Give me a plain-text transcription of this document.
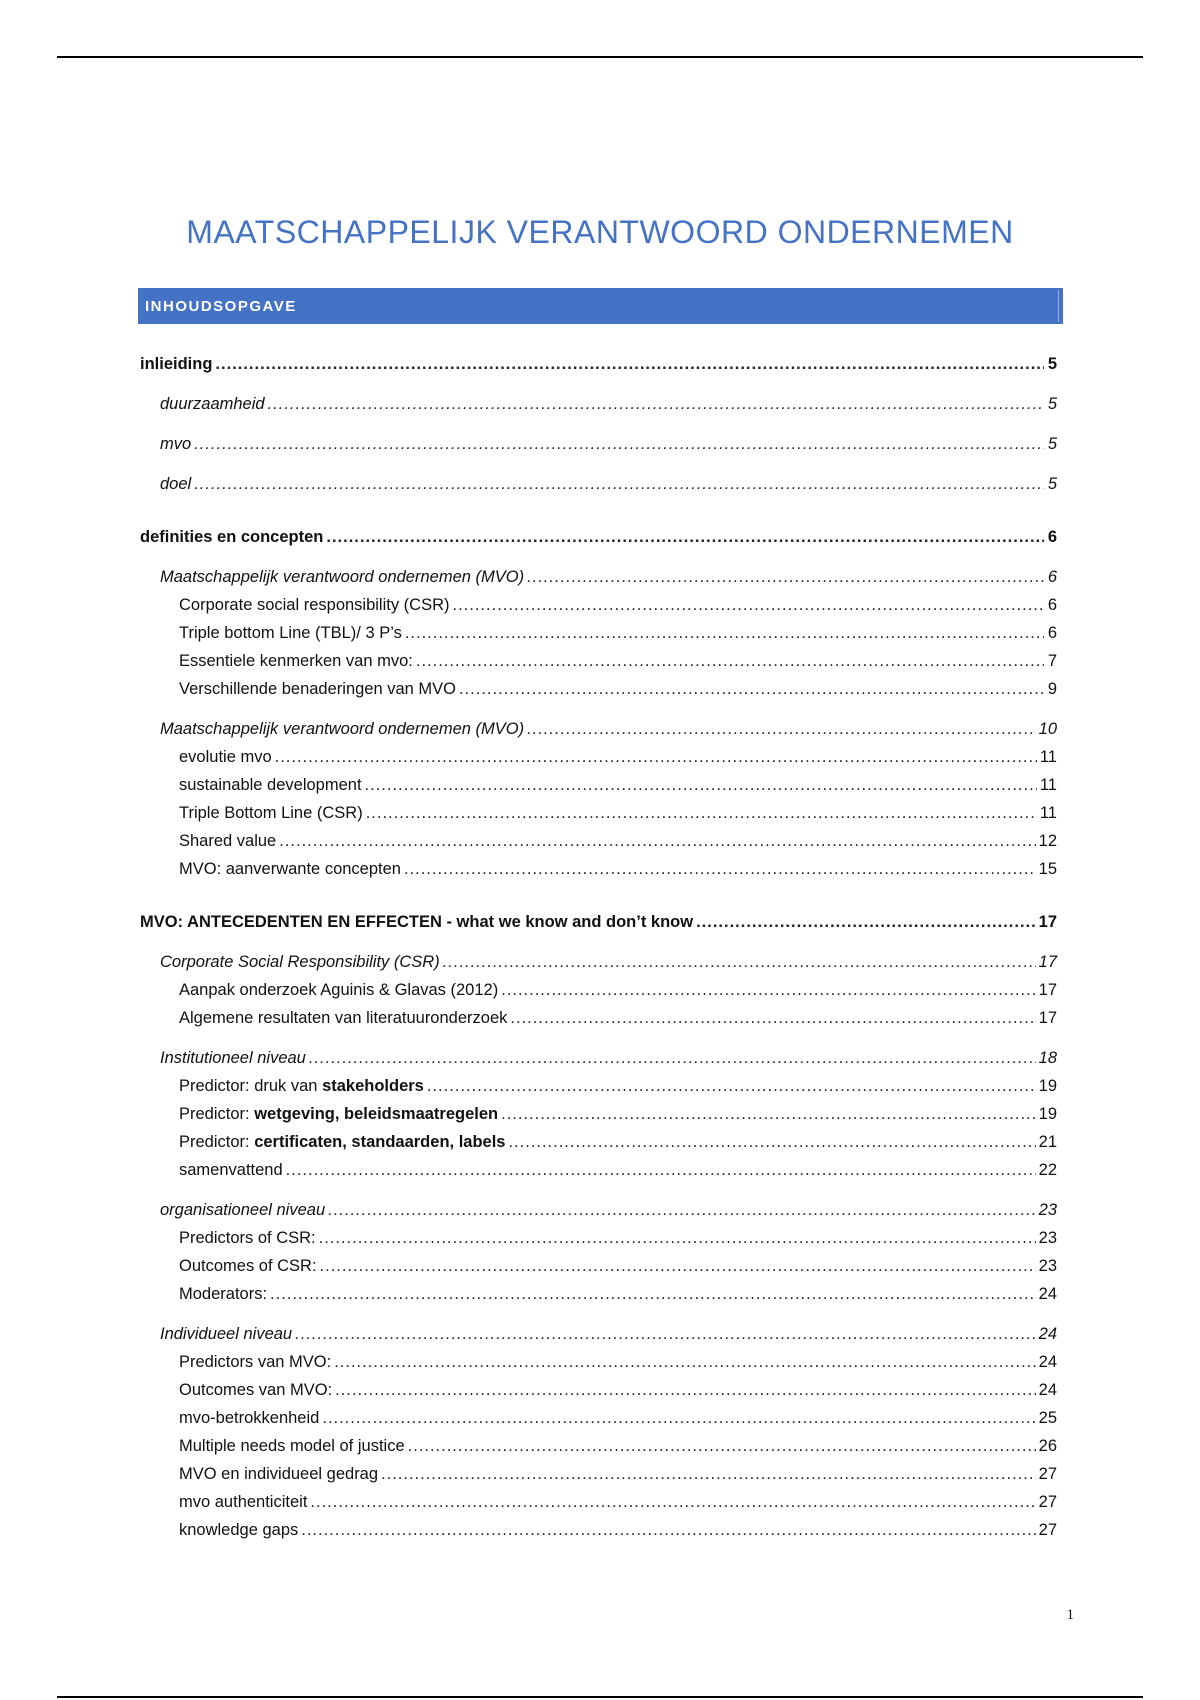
MAATSCHAPPELIJK VERANTWOORD ONDERNEMEN
INHOUDSOPGAVE
inlieiding .....	5
duurzaamheid .....	5
mvo .....	5
doel .....	5
definities en concepten .....	6
Maatschappelijk verantwoord ondernemen (MVO) .....	6
Corporate social responsibility (CSR) .....	6
Triple bottom Line (TBL)/ 3 P’s .....	6
Essentiele kenmerken van mvo: .....	7
Verschillende benaderingen van MVO .....	9
Maatschappelijk verantwoord ondernemen (MVO) .....	10
evolutie mvo .....	11
sustainable development .....	11
Triple Bottom Line (CSR) .....	11
Shared value .....	12
MVO: aanverwante concepten .....	15
MVO: ANTECEDENTEN EN EFFECTEN - what we know and don’t know .....	17
Corporate Social Responsibility (CSR) .....	17
Aanpak onderzoek Aguinis & Glavas (2012) .....	17
Algemene resultaten van literatuuronderzoek .....	17
Institutioneel niveau .....	18
Predictor: druk van stakeholders .....	19
Predictor: wetgeving, beleidsmaatregelen .....	19
Predictor: certificaten, standaarden, labels .....	21
samenvattend .....	22
organisationeel niveau .....	23
Predictors of CSR: .....	23
Outcomes of CSR: .....	23
Moderators: .....	24
Individueel niveau .....	24
Predictors van MVO: .....	24
Outcomes van MVO: .....	24
mvo-betrokkenheid .....	25
Multiple needs model of justice .....	26
MVO en individueel gedrag .....	27
mvo authenticiteit .....	27
knowledge gaps .....	27
1
